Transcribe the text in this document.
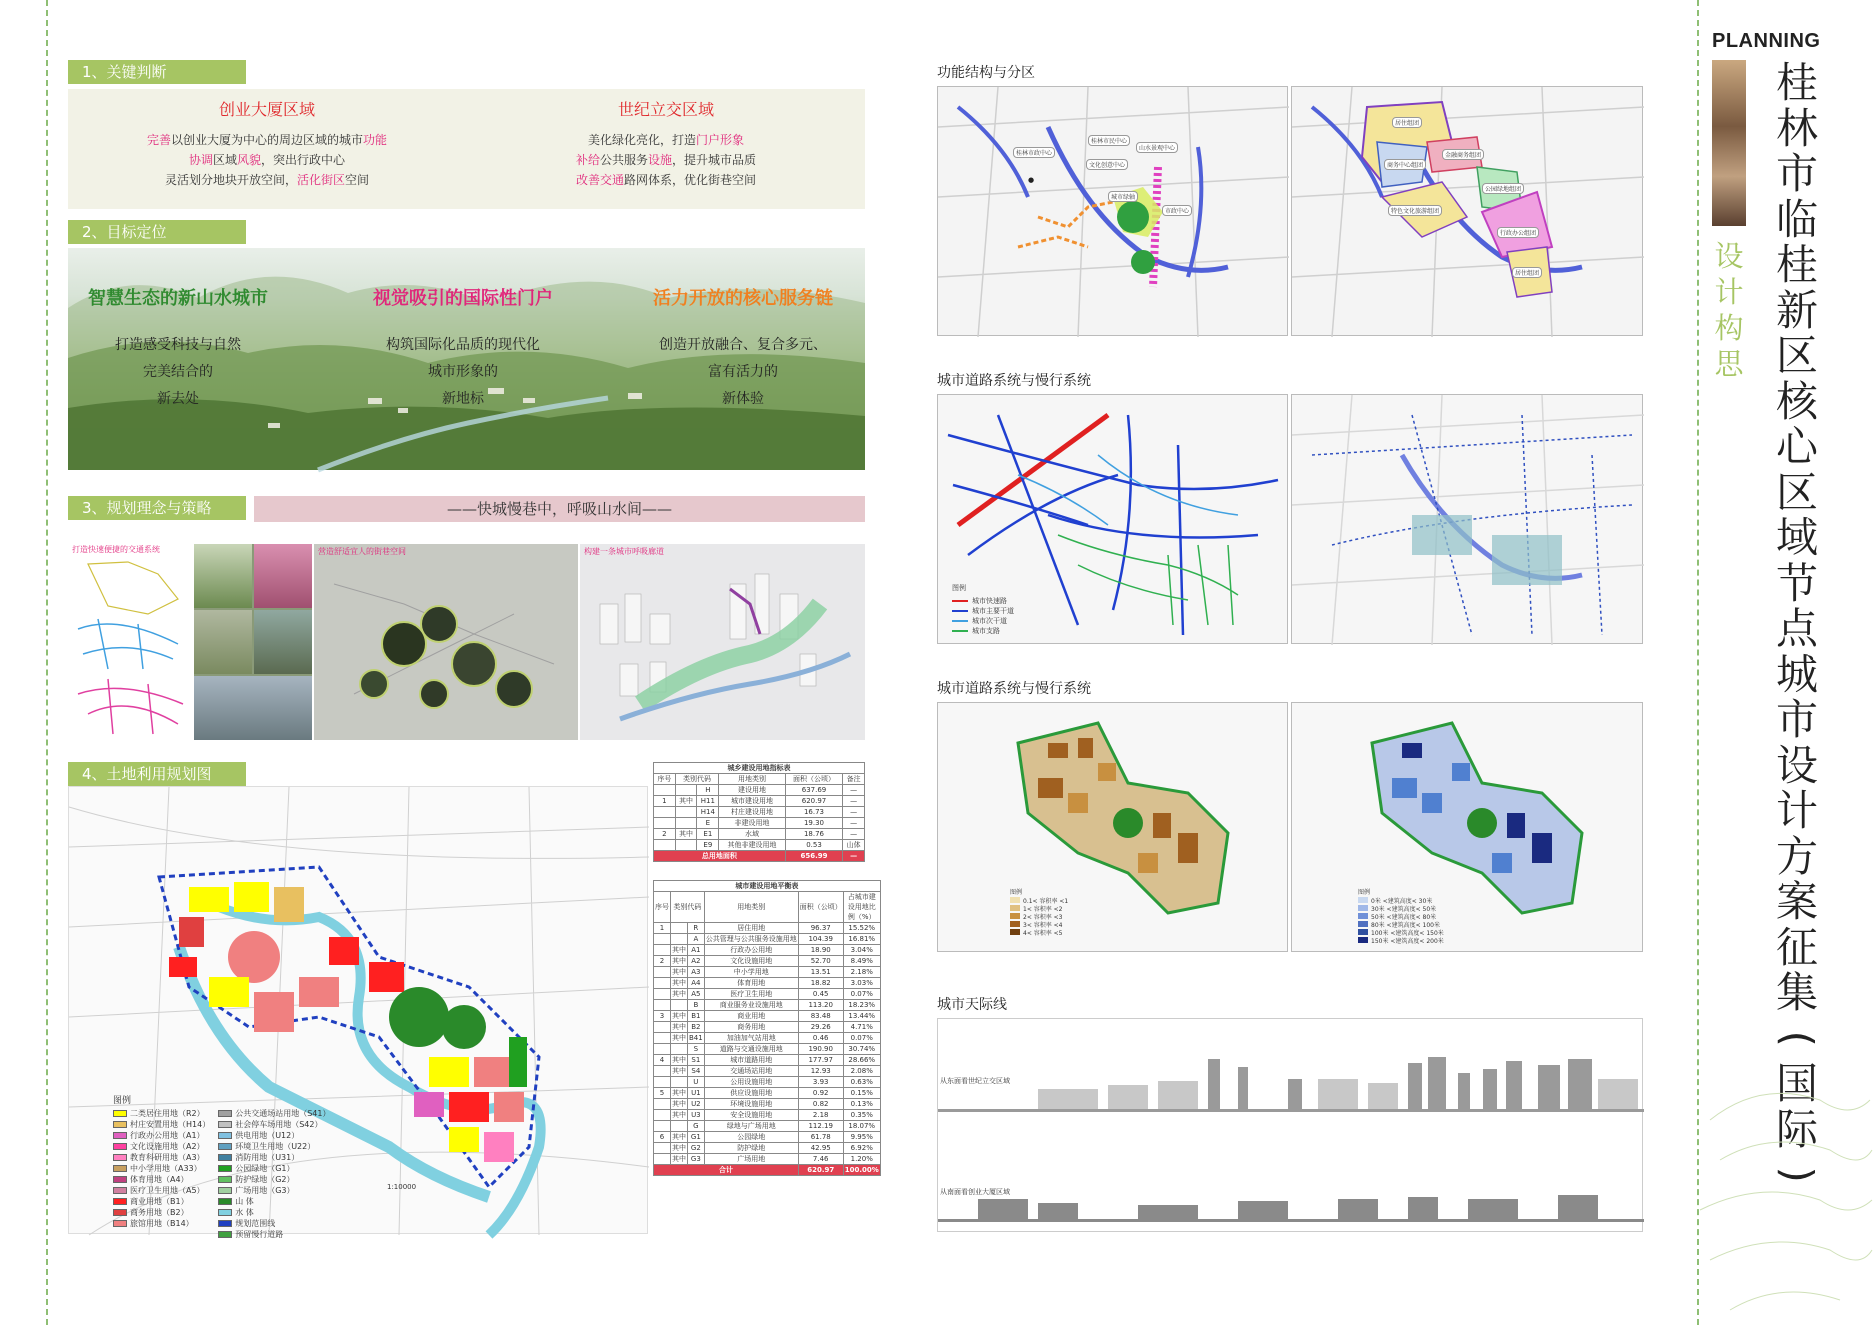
1、关键判断
创业大厦区域

完善以创业大厦为中心的周边区域的城市功能

协调区域风貌，突出行政中心

灵活划分地块开放空间，活化街区空间

世纪立交区域

美化绿化亮化，打造门户形象

补给公共服务设施，提升城市品质

改善交通路网体系，优化街巷空间

2、目标定位
智慧生态的新山水城市

打造感受科技与自然

完美结合的

新去处

视觉吸引的国际性门户

构筑国际化品质的现代化

城市形象的

新地标

活力开放的核心服务链

创造开放融合、复合多元、

富有活力的

新体验

3、规划理念与策略	——快城慢巷中，呼吸山水间——
打造快速便捷的交通系统	营造舒适宜人的街巷空间	构建一条城市呼吸廊道
4、土地利用规划图
图例
二类居住用地（R2）
村庄安置用地（H14）
行政办公用地（A1）
文化设施用地（A2）
教育科研用地（A3）
中小学用地（A33）
体育用地（A4）
医疗卫生用地（A5）
商业用地（B1）
商务用地（B2）
旅馆用地（B14）
公共交通场站用地（S41）
社会停车场用地（S42）
供电用地（U12）
环境卫生用地（U22）
消防用地（U31）
公园绿地（G1）
防护绿地（G2）
广场用地（G3）
山 体
水 体
规划范围线
预留慢行道路
1:10000
城乡建设用地指标表					
序号	类别代码		用地类别	面积（公顷）	备注
		H	建设用地	637.69	—
1	其中	H11	城市建设用地	620.97	—
		H14	村庄建设用地	16.73	—
		E	非建设用地	19.30	—
2	其中	E1	水域	18.76	—
		E9	其他非建设用地	0.53	山体
总用地面积				656.99	—
城市建设用地平衡表					
序号	类别代码		用地类别	面积（公顷）	占城市建设用地比例（%）
1		R	居住用地	96.37	15.52%
		A	公共管理与公共服务设施用地	104.39	16.81%
	其中	A1	行政办公用地	18.90	3.04%
2	其中	A2	文化设施用地	52.70	8.49%
	其中	A3	中小学用地	13.51	2.18%
	其中	A4	体育用地	18.82	3.03%
	其中	A5	医疗卫生用地	0.45	0.07%
		B	商业服务业设施用地	113.20	18.23%
3	其中	B1	商业用地	83.48	13.44%
	其中	B2	商务用地	29.26	4.71%
	其中	B41	加油加气站用地	0.46	0.07%
		S	道路与交通设施用地	190.90	30.74%
4	其中	S1	城市道路用地	177.97	28.66%
	其中	S4	交通场站用地	12.93	2.08%
		U	公用设施用地	3.93	0.63%
5	其中	U1	供应设施用地	0.92	0.15%
	其中	U2	环境设施用地	0.82	0.13%
	其中	U3	安全设施用地	2.18	0.35%
		G	绿地与广场用地	112.19	18.07%
6	其中	G1	公园绿地	61.78	9.95%
	其中	G2	防护绿地	42.95	6.92%
	其中	G3	广场用地	7.46	1.20%
合计				620.97	100.00%
功能结构与分区
●
桂林市政中心
城市绿轴
文化创意中心
山水景观中心
市政中心
桂林市民中心
居住组团
商务中心组团
金融商务组团
公园绿地组团
特色文化旅游组团
行政办公组团
居住组团
城市道路系统与慢行系统
图例
城市快速路
城市主要干道
城市次干道
城市支路
城市道路系统与慢行系统
图例
0.1< 容积率 <1
1< 容积率 <2
2< 容积率 <3
3< 容积率 <4
4< 容积率 <5
图例
0米 <建筑高度< 30米
30米 <建筑高度< 50米
50米 <建筑高度< 80米
80米 <建筑高度< 100米
100米 <建筑高度< 150米
150米 <建筑高度< 200米
城市天际线
从东面看世纪立交区域
从南面看创业大厦区域
PLANNING
设
计
构
思
桂
林
市
临
桂
新
区
核
心
区
域
节
点
城
市
设
计
方
案
征
集
(
国
际
)
